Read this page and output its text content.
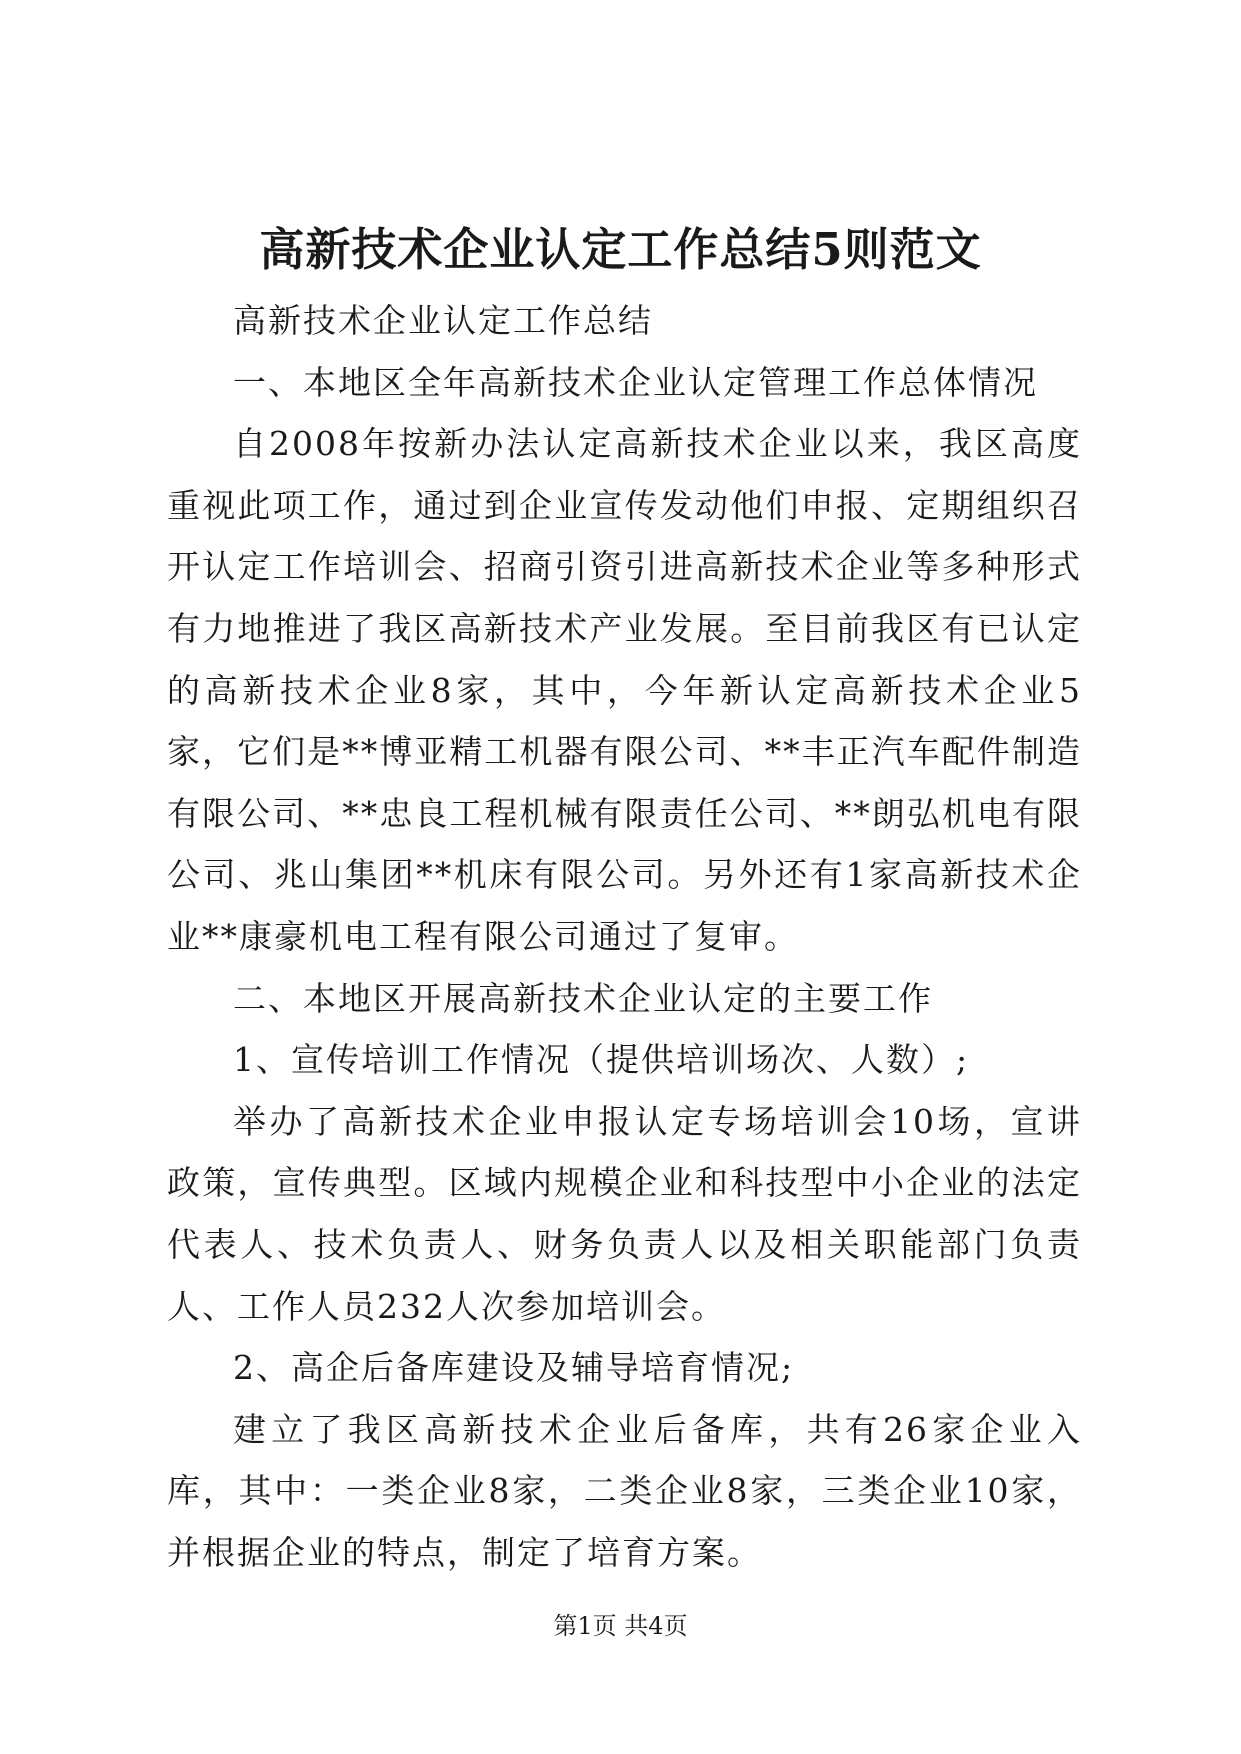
高新技术企业认定工作总结5则范文

高新技术企业认定工作总结

一、本地区全年高新技术企业认定管理工作总体情况

自2008年按新办法认定高新技术企业以来，我区高度重视此项工作，通过到企业宣传发动他们申报、定期组织召开认定工作培训会、招商引资引进高新技术企业等多种形式有力地推进了我区高新技术产业发展。至目前我区有已认定的高新技术企业8家，其中，今年新认定高新技术企业5家，它们是**博亚精工机器有限公司、**丰正汽车配件制造有限公司、**忠良工程机械有限责任公司、**朗弘机电有限公司、兆山集团**机床有限公司。另外还有1家高新技术企业**康豪机电工程有限公司通过了复审。

二、本地区开展高新技术企业认定的主要工作

1、宣传培训工作情况（提供培训场次、人数）;

举办了高新技术企业申报认定专场培训会10场，宣讲政策，宣传典型。区域内规模企业和科技型中小企业的法定代表人、技术负责人、财务负责人以及相关职能部门负责人、工作人员232人次参加培训会。

2、高企后备库建设及辅导培育情况;

建立了我区高新技术企业后备库，共有26家企业入库，其中：一类企业8家，二类企业8家，三类企业10家，并根据企业的特点，制定了培育方案。

第1页 共4页
